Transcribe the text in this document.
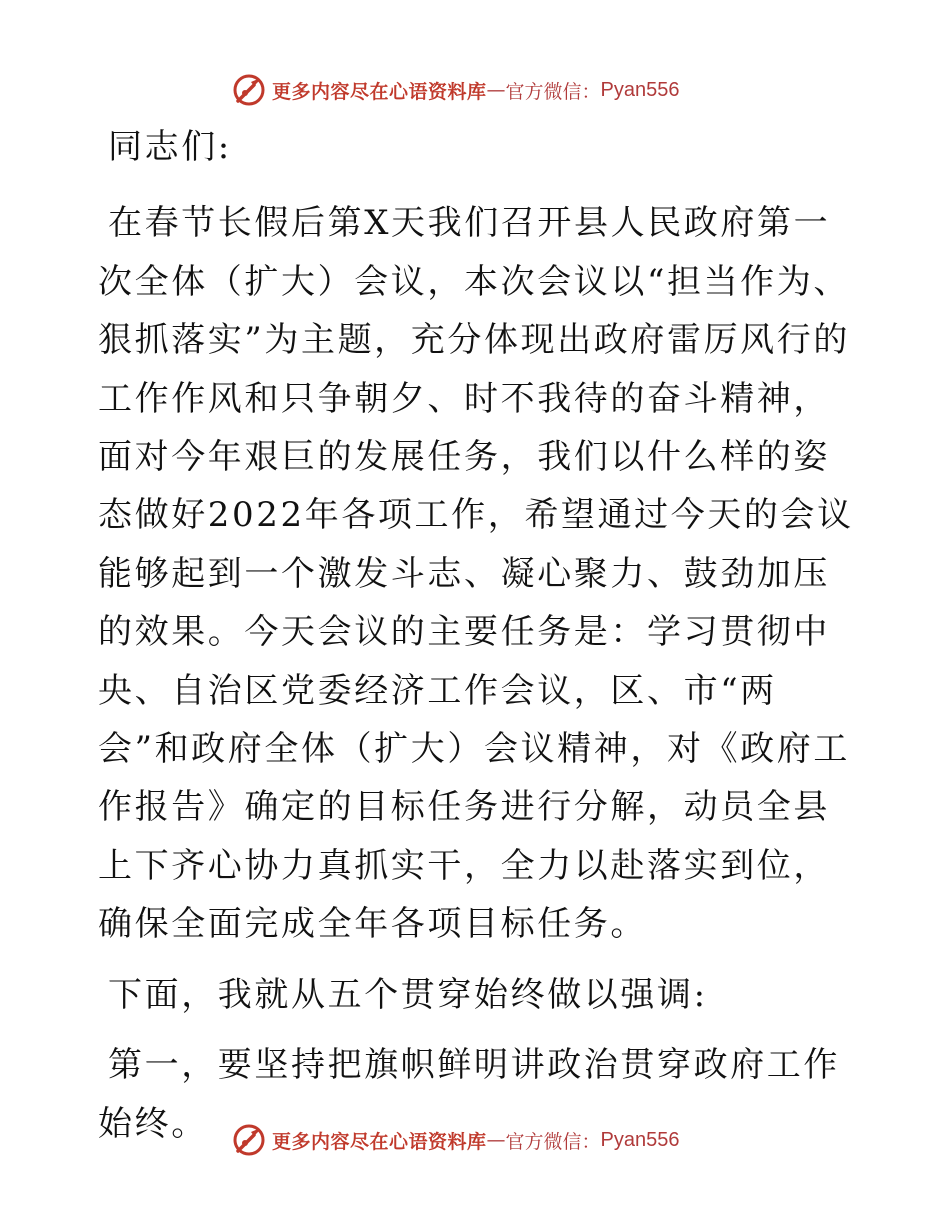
更多内容尽在心语资料库 — 官方微信： Pyan556

同志们:

在春节长假后第X天我们召开县人民政府第一次全体（扩大）会议，本次会议以“担当作为、狠抓落实”为主题，充分体现出政府雷厉风行的工作作风和只争朝夕、时不我待的奋斗精神，面对今年艰巨的发展任务，我们以什么样的姿态做好2022年各项工作，希望通过今天的会议能够起到一个激发斗志、凝心聚力、鼓劲加压的效果。今天会议的主要任务是：学习贯彻中央、自治区党委经济工作会议，区、市“两会”和政府全体（扩大）会议精神，对《政府工作报告》确定的目标任务进行分解，动员全县上下齐心协力真抓实干，全力以赴落实到位，确保全面完成全年各项目标任务。

下面，我就从五个贯穿始终做以强调:

第一，要坚持把旗帜鲜明讲政治贯穿政府工作始终。	更多内容尽在心语资料库 — 官方微信： Pyan556
